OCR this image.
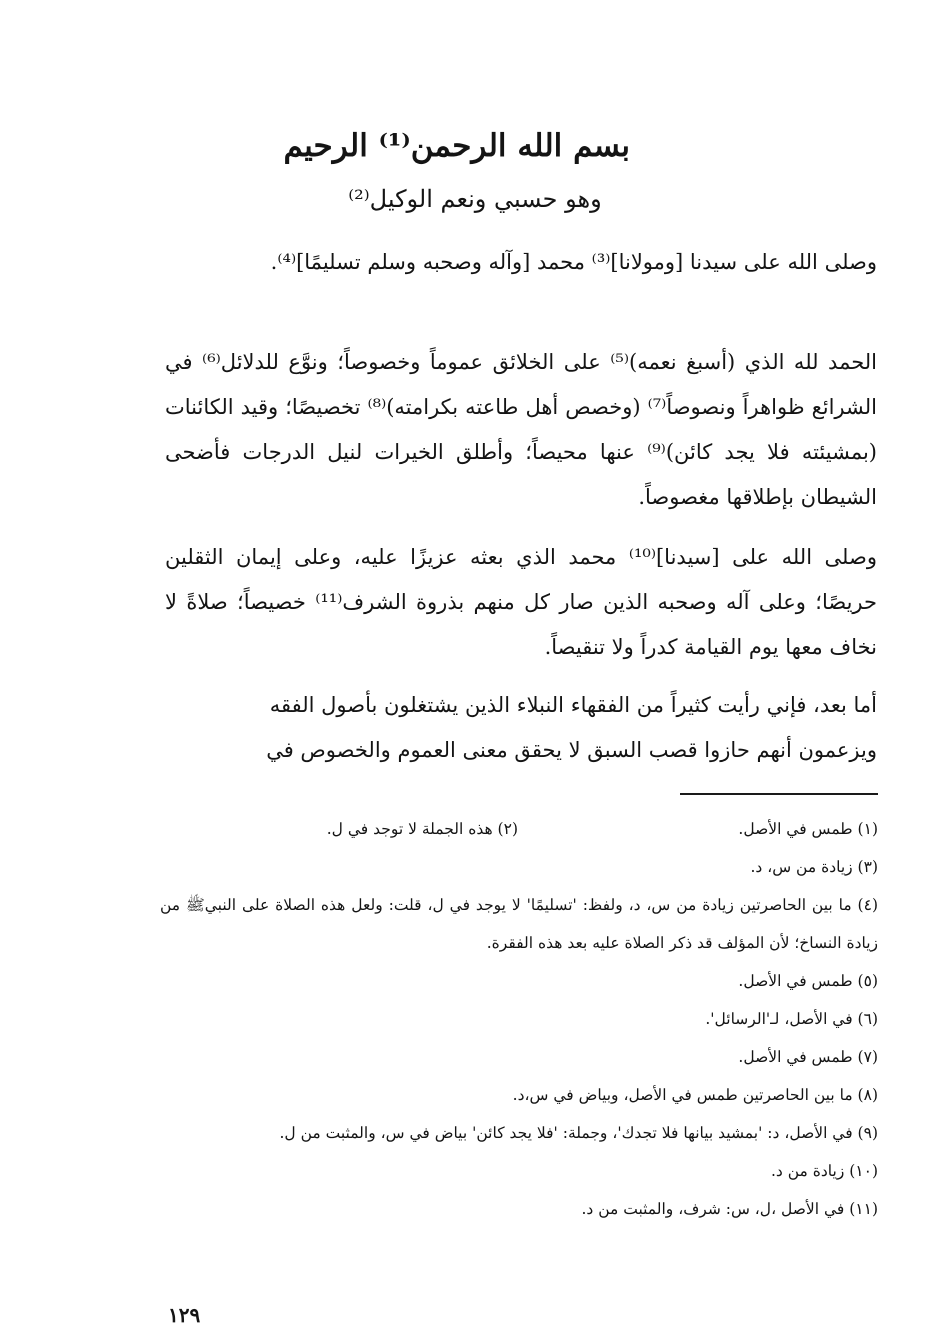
بسم الله الرحمن⁽¹⁾ الرحيم
وهو حسبي ونعم الوكيل⁽²⁾
وصلى الله على سيدنا [ومولانا]⁽³⁾ محمد [وآله وصحبه وسلم تسليمًا]⁽⁴⁾.
الحمد لله الذي (أسبغ نعمه)⁽⁵⁾ على الخلائق عموماً وخصوصاً؛ ونوَّع للدلائل⁽⁶⁾ في الشرائع ظواهراً ونصوصاً⁽⁷⁾ (وخصص أهل طاعته بكرامته)⁽⁸⁾ تخصيصًا؛ وقيد الكائنات (بمشيئته فلا يجد كائن)⁽⁹⁾ عنها محيصاً؛ وأطلق الخيرات لنيل الدرجات فأضحى الشيطان بإطلاقها مغصوصاً.
وصلى الله على [سيدنا]⁽¹⁰⁾ محمد الذي بعثه عزيزًا عليه، وعلى إيمان الثقلين حريصًا؛ وعلى آله وصحبه الذين صار كل منهم بذروة الشرف⁽¹¹⁾ خصيصاً؛ صلاةً لا نخاف معها يوم القيامة كدراً ولا تنقيصاً.
أما بعد، فإني رأيت كثيراً من الفقهاء النبلاء الذين يشتغلون بأصول الفقه
ويزعمون أنهم حازوا قصب السبق لا يحقق معنى العموم والخصوص في
(١) طمس في الأصل.
(٢) هذه الجملة لا توجد في ل.
(٣) زيادة من س، د.
(٤) ما بين الحاصرتين زيادة من س، د، ولفظ: 'تسليمًا' لا يوجد في ل، قلت: ولعل هذه الصلاة على النبيﷺ من زيادة النساخ؛ لأن المؤلف قد ذكر الصلاة عليه بعد هذه الفقرة.
(٥) طمس في الأصل.
(٦) في الأصل، لـ'الرسائل'.
(٧) طمس في الأصل.
(٨) ما بين الحاصرتين طمس في الأصل، وبياض في س،د.
(٩) في الأصل، د: 'بمشيد بيانها فلا تجدك'، وجملة: 'فلا يجد كائن' بياض في س، والمثبت من ل.
(١٠) زيادة من د.
(١١) في الأصل ،ل، س: شرف، والمثبت من د.
١٢٩
